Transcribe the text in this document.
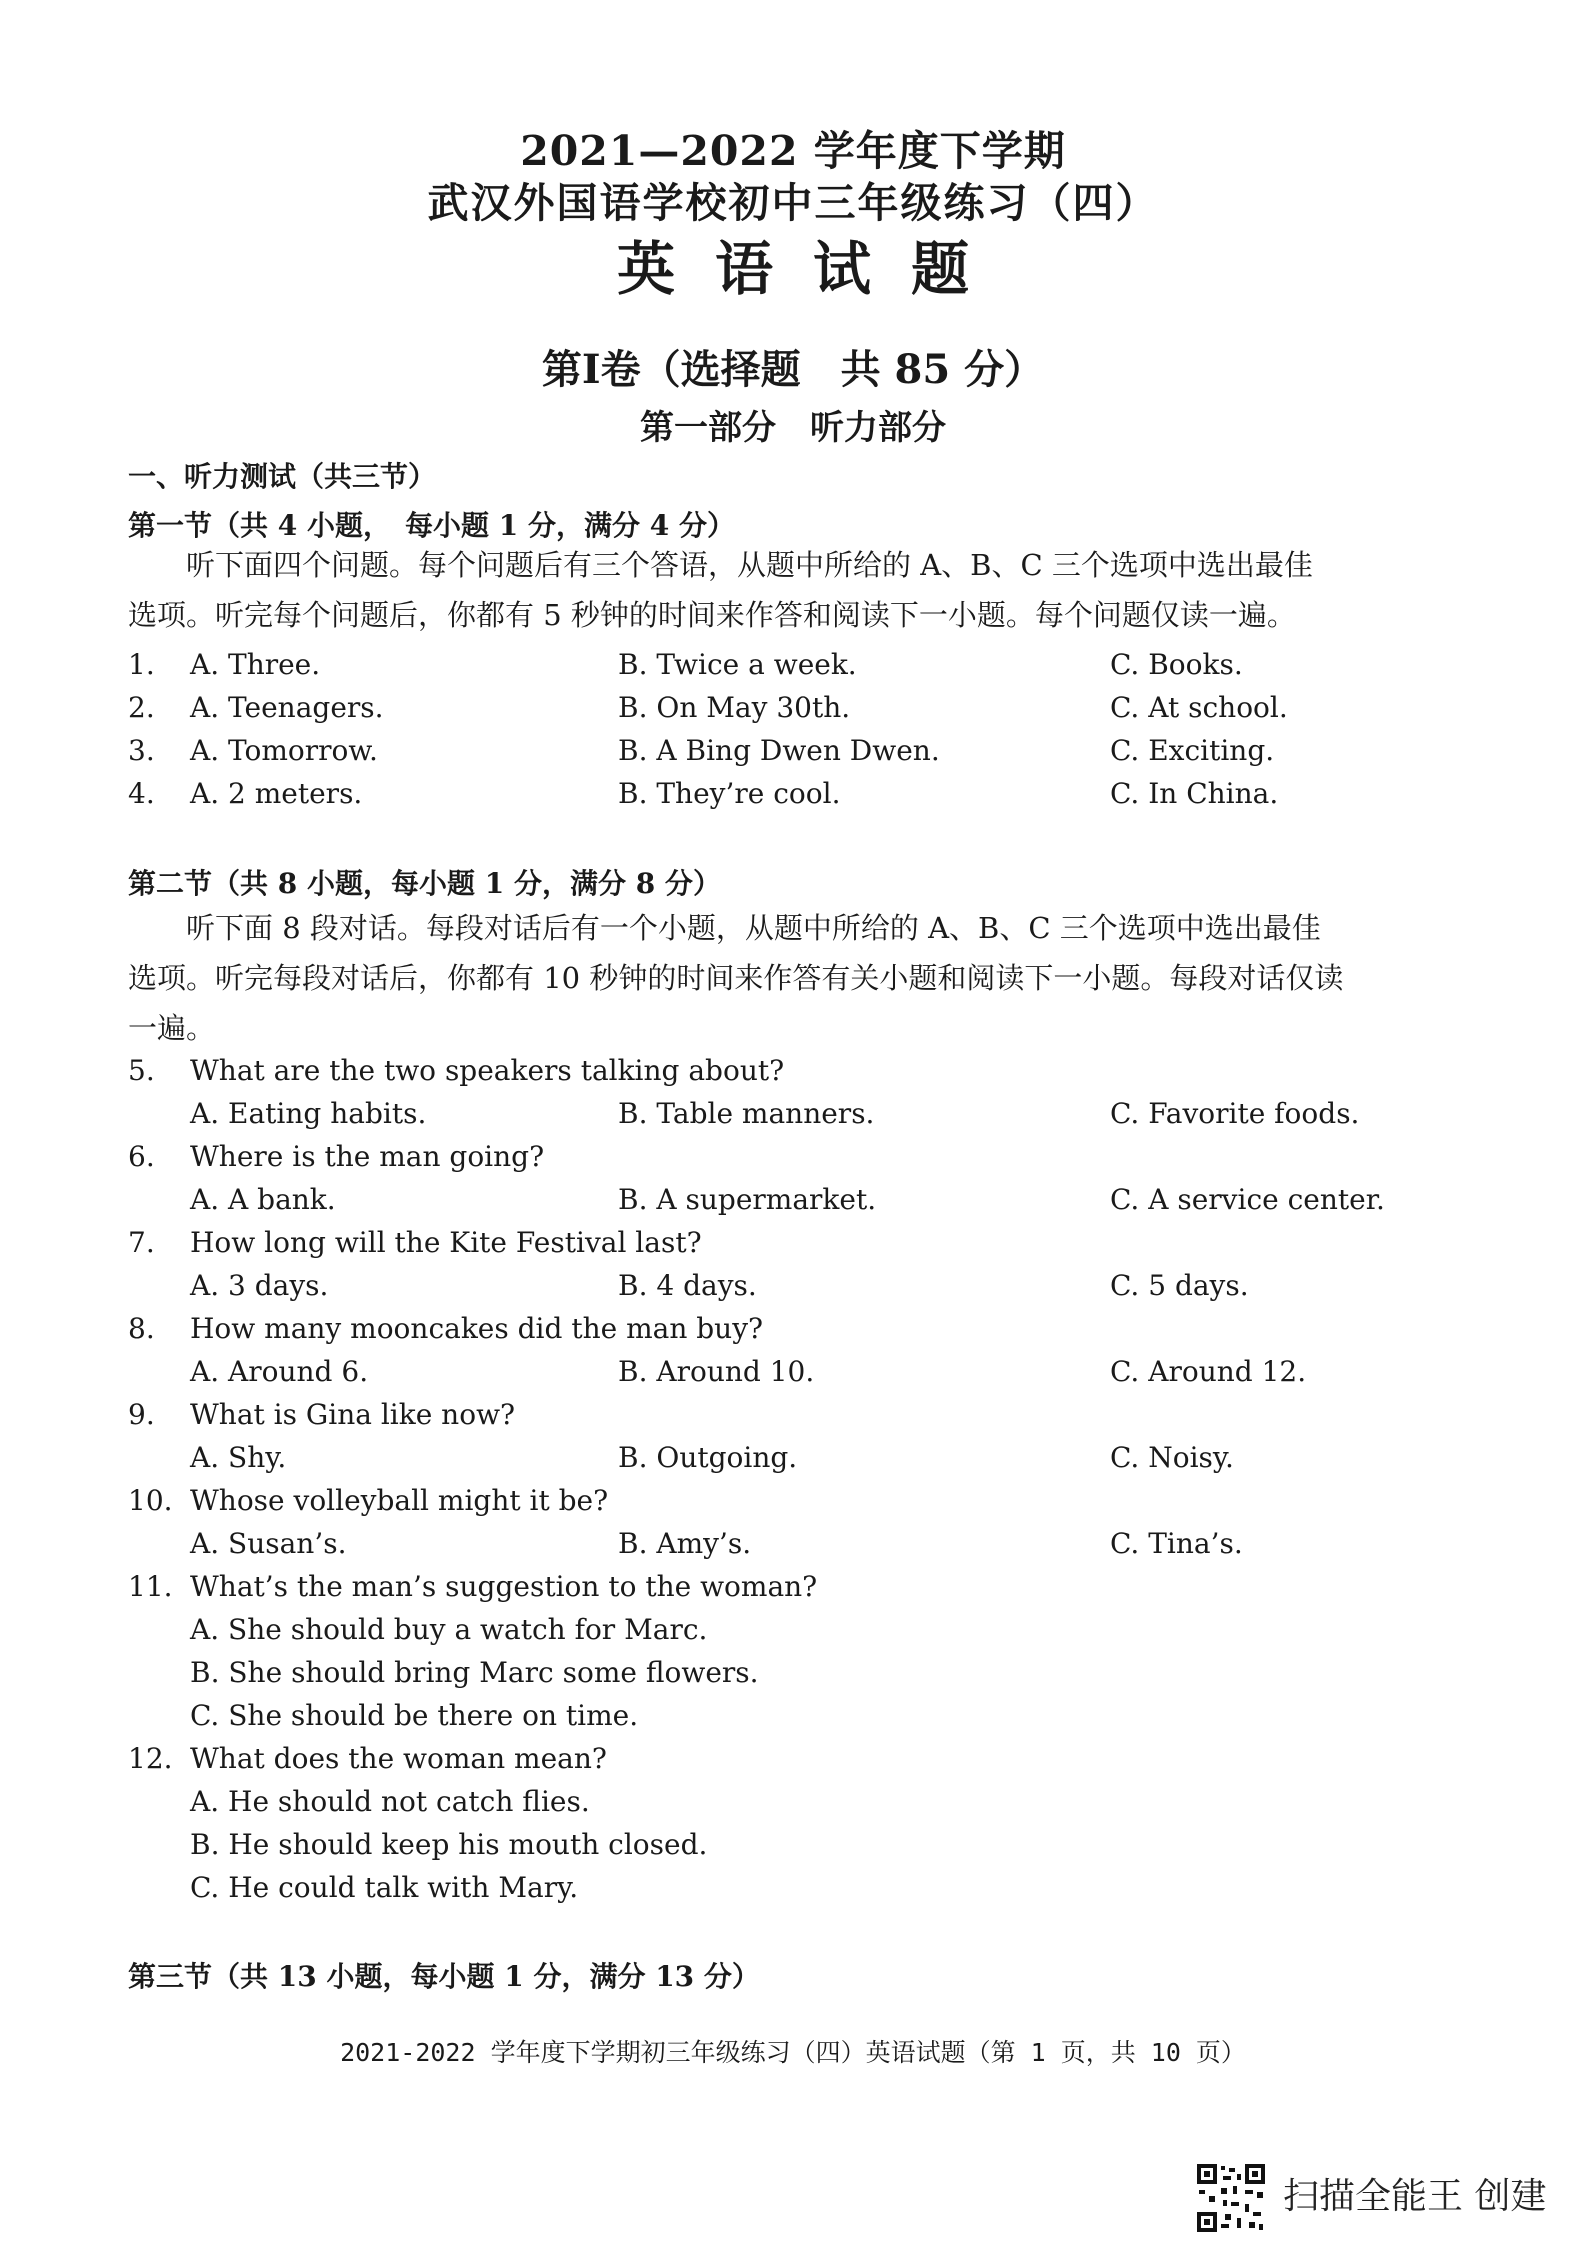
2021—2022 学年度下学期
武汉外国语学校初中三年级练习（四）
英语试题
第Ⅰ卷（选择题　共 85 分）
第一部分　听力部分
一、听力测试（共三节）
第一节（共 4 小题，　每小题 1 分，满分 4 分）
听下面四个问题。每个问题后有三个答语，从题中所给的 A、B、C 三个选项中选出最佳
选项。听完每个问题后，你都有 5 秒钟的时间来作答和阅读下一小题。每个问题仅读一遍。
1. A. Three.	B. Twice a week.	C. Books.
2. A. Teenagers.	B. On May 30th.	C. At school.
3. A. Tomorrow.	B. A Bing Dwen Dwen.	C. Exciting.
4. A. 2 meters.	B. They’re cool.	C. In China.
第二节（共 8 小题，每小题 1 分，满分 8 分）
听下面 8 段对话。每段对话后有一个小题，从题中所给的 A、B、C 三个选项中选出最佳
选项。听完每段对话后，你都有 10 秒钟的时间来作答有关小题和阅读下一小题。每段对话仅读
一遍。
5. What are the two speakers talking about?
A. Eating habits.	B. Table manners.	C. Favorite foods.
6. Where is the man going?
A. A bank.	B. A supermarket.	C. A service center.
7. How long will the Kite Festival last?
A. 3 days.	B. 4 days.	C. 5 days.
8. How many mooncakes did the man buy?
A. Around 6.	B. Around 10.	C. Around 12.
9. What is Gina like now?
A. Shy.	B. Outgoing.	C. Noisy.
10. Whose volleyball might it be?
A. Susan’s.	B. Amy’s.	C. Tina’s.
11. What’s the man’s suggestion to the woman?
A. She should buy a watch for Marc.
B. She should bring Marc some flowers.
C. She should be there on time.
12. What does the woman mean?
A. He should not catch flies.
B. He should keep his mouth closed.
C. He could talk with Mary.
第三节（共 13 小题，每小题 1 分，满分 13 分）
2021-2022 学年度下学期初三年级练习（四）英语试题（第 1 页，共 10 页）
扫描全能王 创建
